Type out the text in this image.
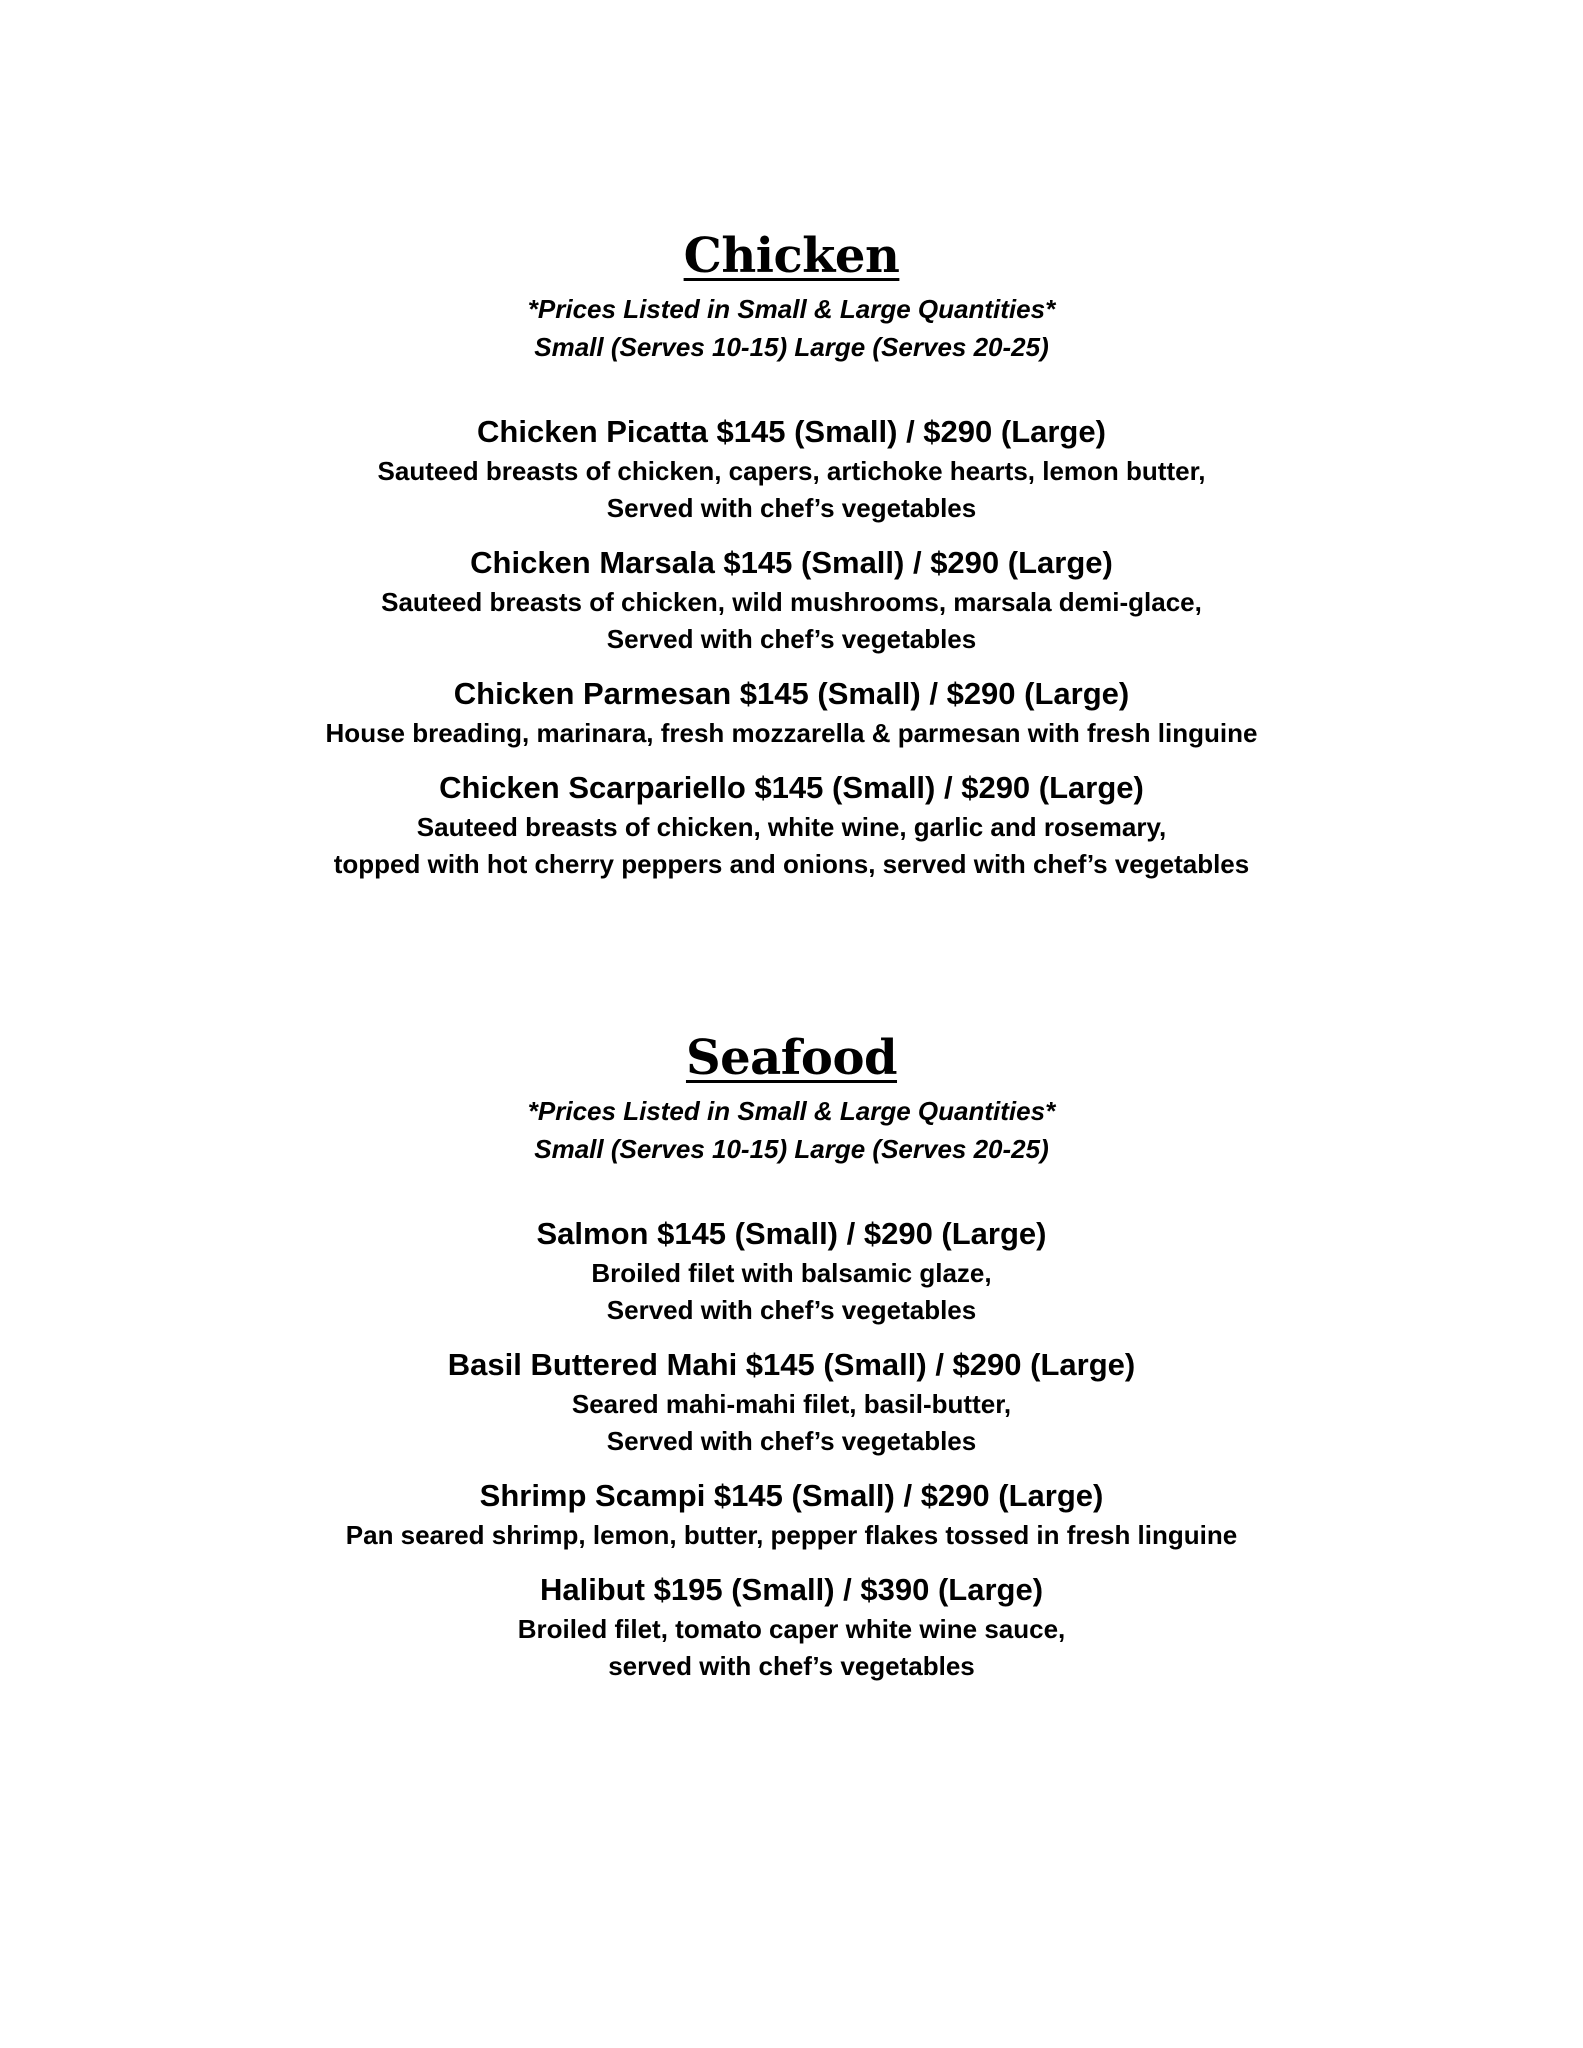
Chicken

*Prices Listed in Small & Large Quantities*

Small (Serves 10-15) Large (Serves 20-25)

Chicken Picatta $145 (Small) / $290 (Large)

Sauteed breasts of chicken, capers, artichoke hearts, lemon butter,

Served with chef’s vegetables

Chicken Marsala $145 (Small) / $290 (Large)

Sauteed breasts of chicken, wild mushrooms, marsala demi-glace,

Served with chef’s vegetables

Chicken Parmesan $145 (Small) / $290 (Large)

House breading, marinara, fresh mozzarella & parmesan with fresh linguine

Chicken Scarpariello $145 (Small) / $290 (Large)

Sauteed breasts of chicken, white wine, garlic and rosemary,

topped with hot cherry peppers and onions, served with chef’s vegetables

Seafood

*Prices Listed in Small & Large Quantities*

Small (Serves 10-15) Large (Serves 20-25)

Salmon $145 (Small) / $290 (Large)

Broiled filet with balsamic glaze,

Served with chef’s vegetables

Basil Buttered Mahi $145 (Small) / $290 (Large)

Seared mahi-mahi filet, basil-butter,

Served with chef’s vegetables

Shrimp Scampi $145 (Small) / $290 (Large)

Pan seared shrimp, lemon, butter, pepper flakes tossed in fresh linguine

Halibut $195 (Small) / $390 (Large)

Broiled filet, tomato caper white wine sauce,

served with chef’s vegetables
